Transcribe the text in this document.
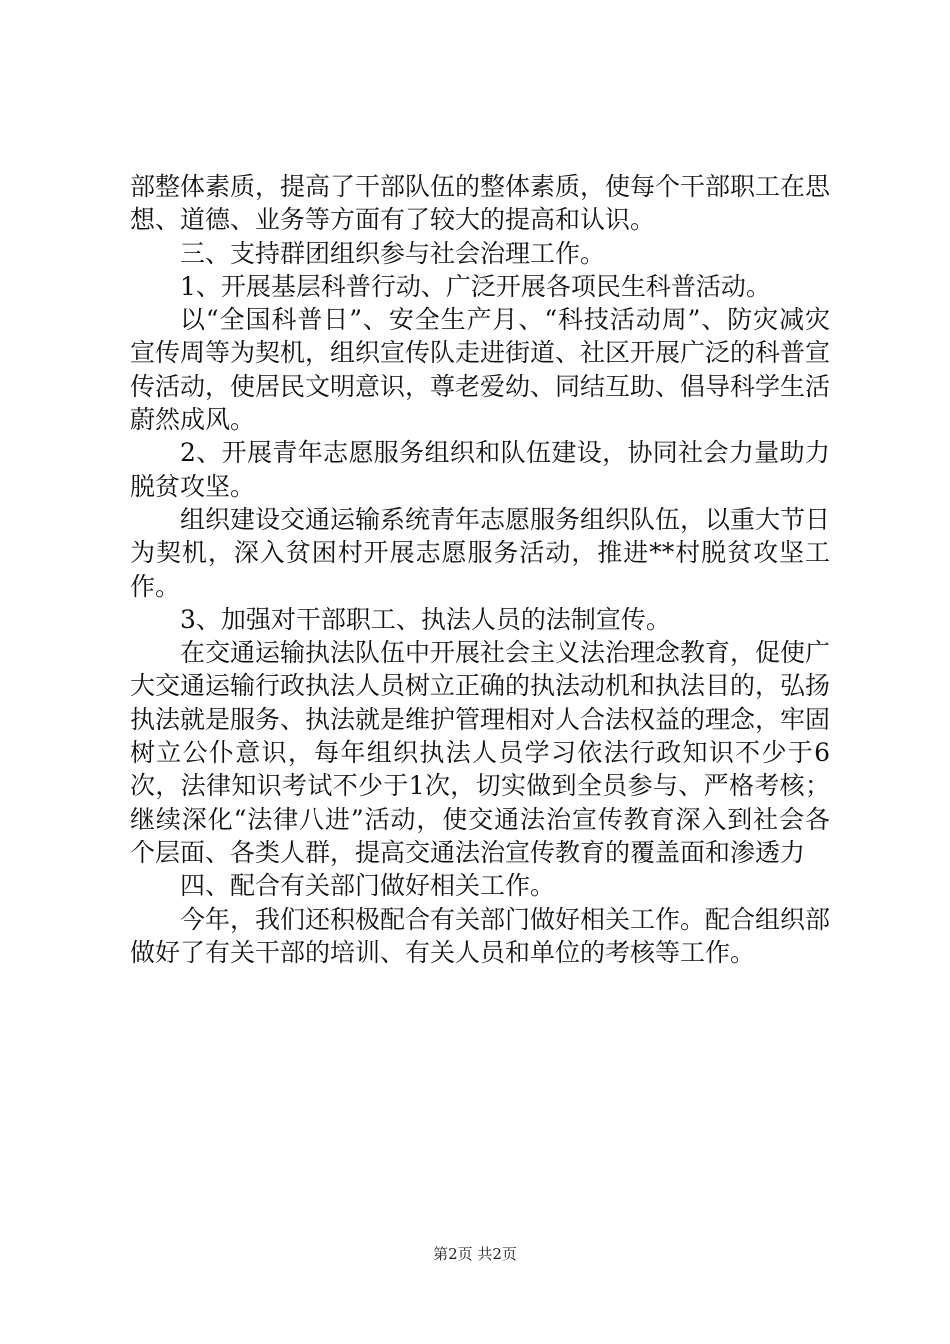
部整体素质，提高了干部队伍的整体素质，使每个干部职工在思想、道德、业务等方面有了较大的提高和认识。

三、支持群团组织参与社会治理工作。

1、开展基层科普行动、广泛开展各项民生科普活动。

以“全国科普日”、安全生产月、“科技活动周”、防灾减灾宣传周等为契机，组织宣传队走进街道、社区开展广泛的科普宣传活动，使居民文明意识，尊老爱幼、同结互助、倡导科学生活蔚然成风。

2、开展青年志愿服务组织和队伍建设，协同社会力量助力脱贫攻坚。

组织建设交通运输系统青年志愿服务组织队伍，以重大节日为契机，深入贫困村开展志愿服务活动，推进**村脱贫攻坚工作。

3、加强对干部职工、执法人员的法制宣传。

在交通运输执法队伍中开展社会主义法治理念教育，促使广大交通运输行政执法人员树立正确的执法动机和执法目的，弘扬执法就是服务、执法就是维护管理相对人合法权益的理念，牢固树立公仆意识，每年组织执法人员学习依法行政知识不少于6次，法律知识考试不少于1次，切实做到全员参与、严格考核；继续深化“法律八进”活动，使交通法治宣传教育深入到社会各个层面、各类人群，提高交通法治宣传教育的覆盖面和渗透力

四、配合有关部门做好相关工作。

今年，我们还积极配合有关部门做好相关工作。配合组织部做好了有关干部的培训、有关人员和单位的考核等工作。

第2页 共2页
